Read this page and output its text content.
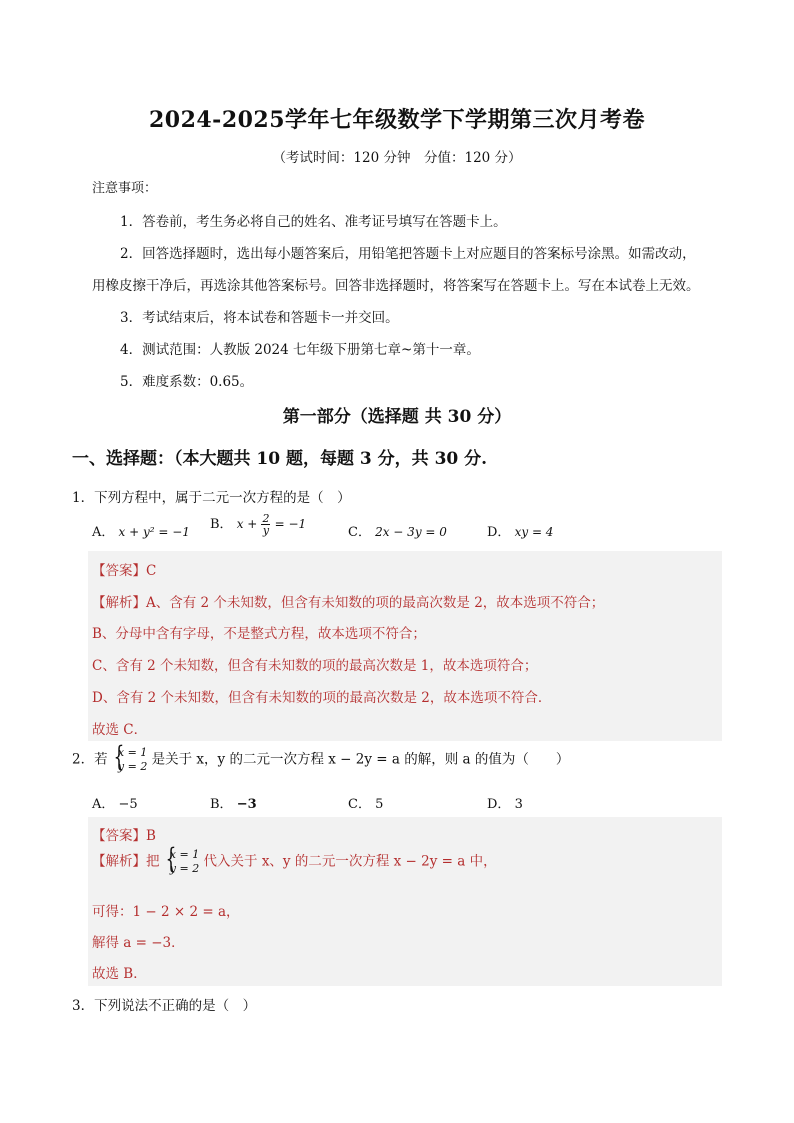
2024-2025学年七年级数学下学期第三次月考卷
（考试时间：120 分钟　分值：120 分）
注意事项：
1．答卷前，考生务必将自己的姓名、准考证号填写在答题卡上。
2．回答选择题时，选出每小题答案后，用铅笔把答题卡上对应题目的答案标号涂黑。如需改动，
用橡皮擦干净后，再选涂其他答案标号。回答非选择题时，将答案写在答题卡上。写在本试卷上无效。
3．考试结束后，将本试卷和答题卡一并交回。
4．测试范围：人教版 2024 七年级下册第七章~第十一章。
5．难度系数：0.65。
第一部分（选择题 共 30 分）
一、选择题：（本大题共 10 题，每题 3 分，共 30 分.
1．下列方程中，属于二元一次方程的是（　）
A． x + y² = −1 B． $x + \frac{2}{y} = -1$
C． 2x − 3y = 0	D． xy = 4
【答案】C
【解析】A、含有 2 个未知数，但含有未知数的项的最高次数是 2，故本选项不符合；
B、分母中含有字母，不是整式方程，故本选项不符合；
C、含有 2 个未知数，但含有未知数的项的最高次数是 1，故本选项符合；
D、含有 2 个未知数，但含有未知数的项的最高次数是 2，故本选项不符合．
故选 C．
2．若 { x = 1
y = 2 是关于 x，y 的二元一次方程 x − 2y = a 的解，则 a 的值为（　　）
A． −5	B． −3	C． 5	D． 3
【答案】B
【解析】把 { x = 1
y = 2 代入关于 x、y 的二元一次方程 x − 2y = a 中，
可得：1 − 2 × 2 = a，
解得 a = −3．
故选 B．
3．下列说法不正确的是（　）
